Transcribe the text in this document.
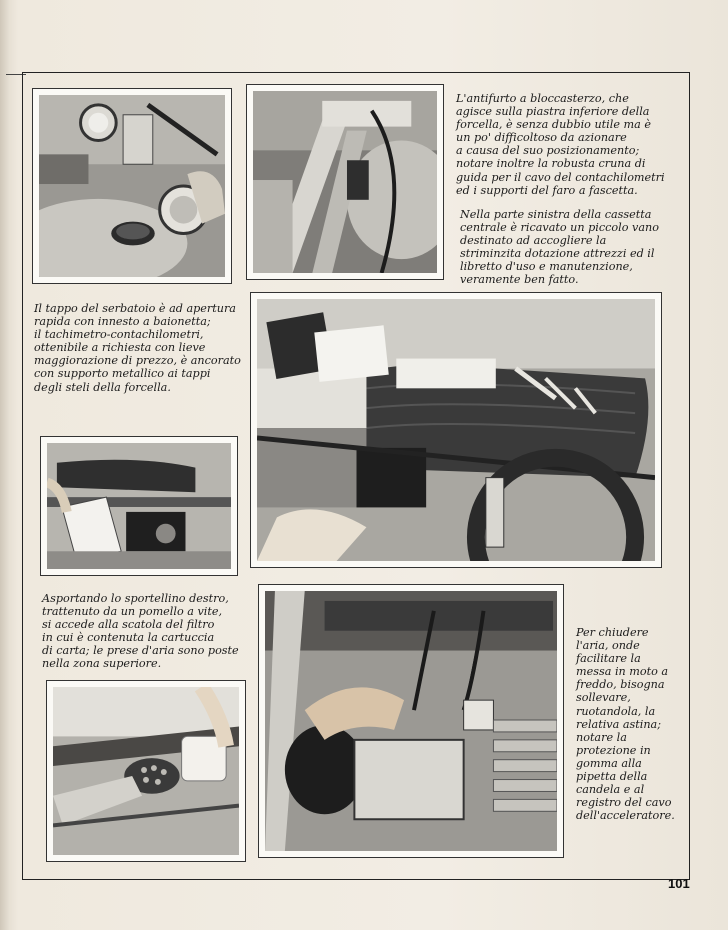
L'antifurto a bloccasterzo, che
agisce sulla piastra inferiore della
forcella, è senza dubbio utile ma è
un po' difficoltoso da azionare
a causa del suo posizionamento;
notare inoltre la robusta cruna di
guida per il cavo del contachilometri
ed i supporti del faro a fascetta.
Nella parte sinistra della cassetta
centrale è ricavato un piccolo vano
destinato ad accogliere la
striminzita dotazione attrezzi ed il
libretto d'uso e manutenzione,
veramente ben fatto.
Il tappo del serbatoio è ad apertura
rapida con innesto a baionetta;
il tachimetro-contachilometri,
ottenibile a richiesta con lieve
maggiorazione di prezzo, è ancorato
con supporto metallico ai tappi
degli steli della forcella.
Asportando lo sportellino destro,
trattenuto da un pomello a vite,
si accede alla scatola del filtro
in cui è contenuta la cartuccia
di carta; le prese d'aria sono poste
nella zona superiore.
Per chiudere
l'aria, onde
facilitare la
messa in moto a
freddo, bisogna
sollevare,
ruotandola, la
relativa astina;
notare la
protezione in
gomma alla
pipetta della
candela e al
registro del cavo
dell'acceleratore.
101
